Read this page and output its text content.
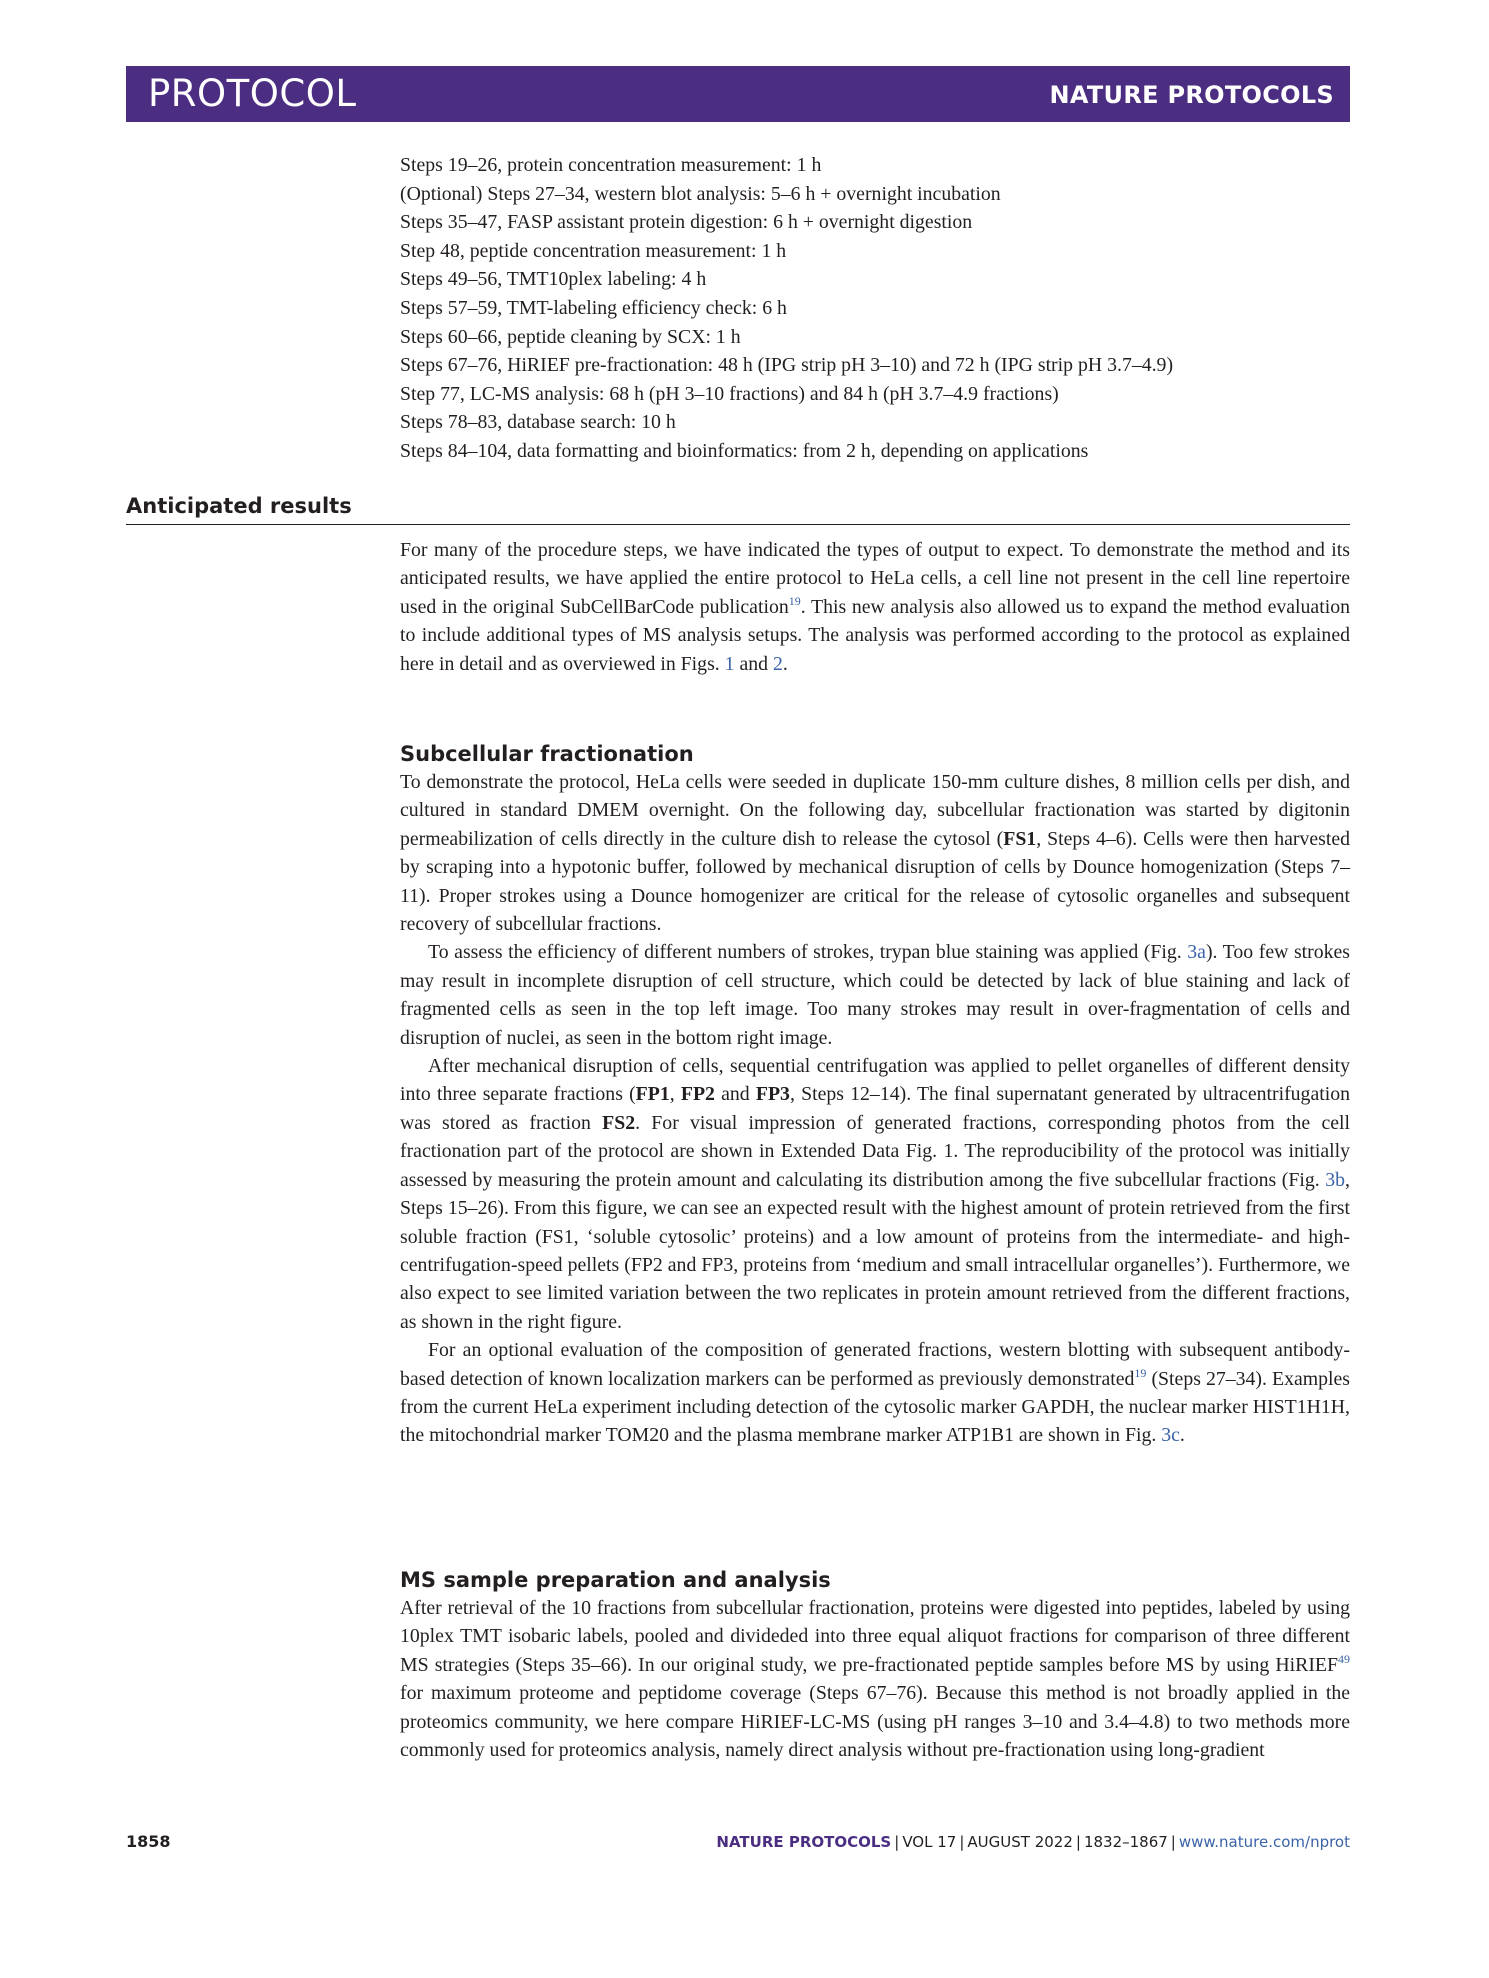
PROTOCOL	NATURE PROTOCOLS
Steps 19–26, protein concentration measurement: 1 h
(Optional) Steps 27–34, western blot analysis: 5–6 h + overnight incubation
Steps 35–47, FASP assistant protein digestion: 6 h + overnight digestion
Step 48, peptide concentration measurement: 1 h
Steps 49–56, TMT10plex labeling: 4 h
Steps 57–59, TMT-labeling efficiency check: 6 h
Steps 60–66, peptide cleaning by SCX: 1 h
Steps 67–76, HiRIEF pre-fractionation: 48 h (IPG strip pH 3–10) and 72 h (IPG strip pH 3.7–4.9)
Step 77, LC-MS analysis: 68 h (pH 3–10 fractions) and 84 h (pH 3.7–4.9 fractions)
Steps 78–83, database search: 10 h
Steps 84–104, data formatting and bioinformatics: from 2 h, depending on applications
Anticipated results

For many of the procedure steps, we have indicated the types of output to expect. To demonstrate the method and its anticipated results, we have applied the entire protocol to HeLa cells, a cell line not present in the cell line repertoire used in the original SubCellBarCode publication$^{19}$. This new analysis also allowed us to expand the method evaluation to include additional types of MS analysis setups. The analysis was performed according to the protocol as explained here in detail and as overviewed in Figs. 1 and 2.

Subcellular fractionation

To demonstrate the protocol, HeLa cells were seeded in duplicate 150-mm culture dishes, 8 million cells per dish, and cultured in standard DMEM overnight. On the following day, subcellular fractionation was started by digitonin permeabilization of cells directly in the culture dish to release the cytosol (FS1, Steps 4–6). Cells were then harvested by scraping into a hypotonic buffer, followed by mechanical disruption of cells by Dounce homogenization (Steps 7–11). Proper strokes using a Dounce homogenizer are critical for the release of cytosolic organelles and subsequent recovery of subcellular fractions.

To assess the efficiency of different numbers of strokes, trypan blue staining was applied (Fig. 3a). Too few strokes may result in incomplete disruption of cell structure, which could be detected by lack of blue staining and lack of fragmented cells as seen in the top left image. Too many strokes may result in over-fragmentation of cells and disruption of nuclei, as seen in the bottom right image.

After mechanical disruption of cells, sequential centrifugation was applied to pellet organelles of different density into three separate fractions (FP1, FP2 and FP3, Steps 12–14). The final supernatant generated by ultracentrifugation was stored as fraction FS2. For visual impression of generated fractions, corresponding photos from the cell fractionation part of the protocol are shown in Extended Data Fig. 1. The reproducibility of the protocol was initially assessed by measuring the protein amount and calculating its distribution among the five subcellular fractions (Fig. 3b, Steps 15–26). From this figure, we can see an expected result with the highest amount of protein retrieved from the first soluble fraction (FS1, ‘soluble cytosolic’ proteins) and a low amount of proteins from the intermediate- and high-centrifugation-speed pellets (FP2 and FP3, proteins from ‘medium and small intracellular organelles’). Furthermore, we also expect to see limited variation between the two replicates in protein amount retrieved from the different fractions, as shown in the right figure.

For an optional evaluation of the composition of generated fractions, western blotting with subsequent antibody-based detection of known localization markers can be performed as previously demonstrated$^{19}$ (Steps 27–34). Examples from the current HeLa experiment including detection of the cytosolic marker GAPDH, the nuclear marker HIST1H1H, the mitochondrial marker TOM20 and the plasma membrane marker ATP1B1 are shown in Fig. 3c.

MS sample preparation and analysis

After retrieval of the 10 fractions from subcellular fractionation, proteins were digested into peptides, labeled by using 10plex TMT isobaric labels, pooled and divideded into three equal aliquot fractions for comparison of three different MS strategies (Steps 35–66). In our original study, we pre-fractionated peptide samples before MS by using HiRIEF$^{49}$ for maximum proteome and peptidome coverage (Steps 67–76). Because this method is not broadly applied in the proteomics community, we here compare HiRIEF-LC-MS (using pH ranges 3–10 and 3.4–4.8) to two methods more commonly used for proteomics analysis, namely direct analysis without pre-fractionation using long-gradient

1858	NATURE PROTOCOLS | VOL 17 | AUGUST 2022 | 1832–1867 | www.nature.com/nprot
